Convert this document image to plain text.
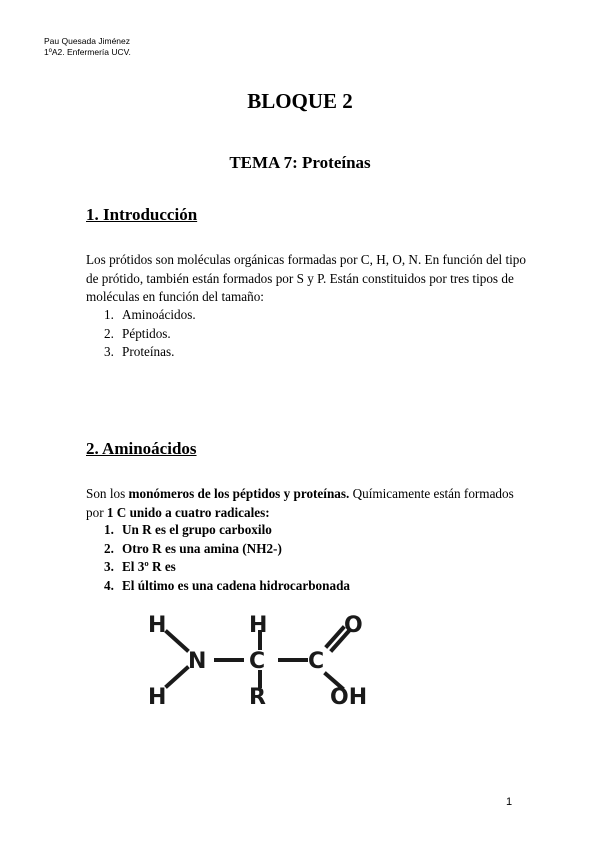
Pau Quesada Jiménez
1ºA2. Enfermería UCV.
BLOQUE 2
TEMA 7: Proteínas
1. Introducción

Los prótidos son moléculas orgánicas formadas por C, H, O, N. En función del tipo de prótido, también están formados por S y P. Están constituidos por tres tipos de moléculas en función del tamaño:

1. Aminoácidos.
2. Péptidos.
3. Proteínas.
2. Aminoácidos

Son los monómeros de los péptidos y proteínas. Químicamente están formados por 1 C unido a cuatro radicales:

1. Un R es el grupo carboxilo
2. Otro R es una amina (NH2-)
3. El 3º R es
4. El último es una cadena hidrocarbonada
H
H
N
H
C
R
C
O
OH
1
